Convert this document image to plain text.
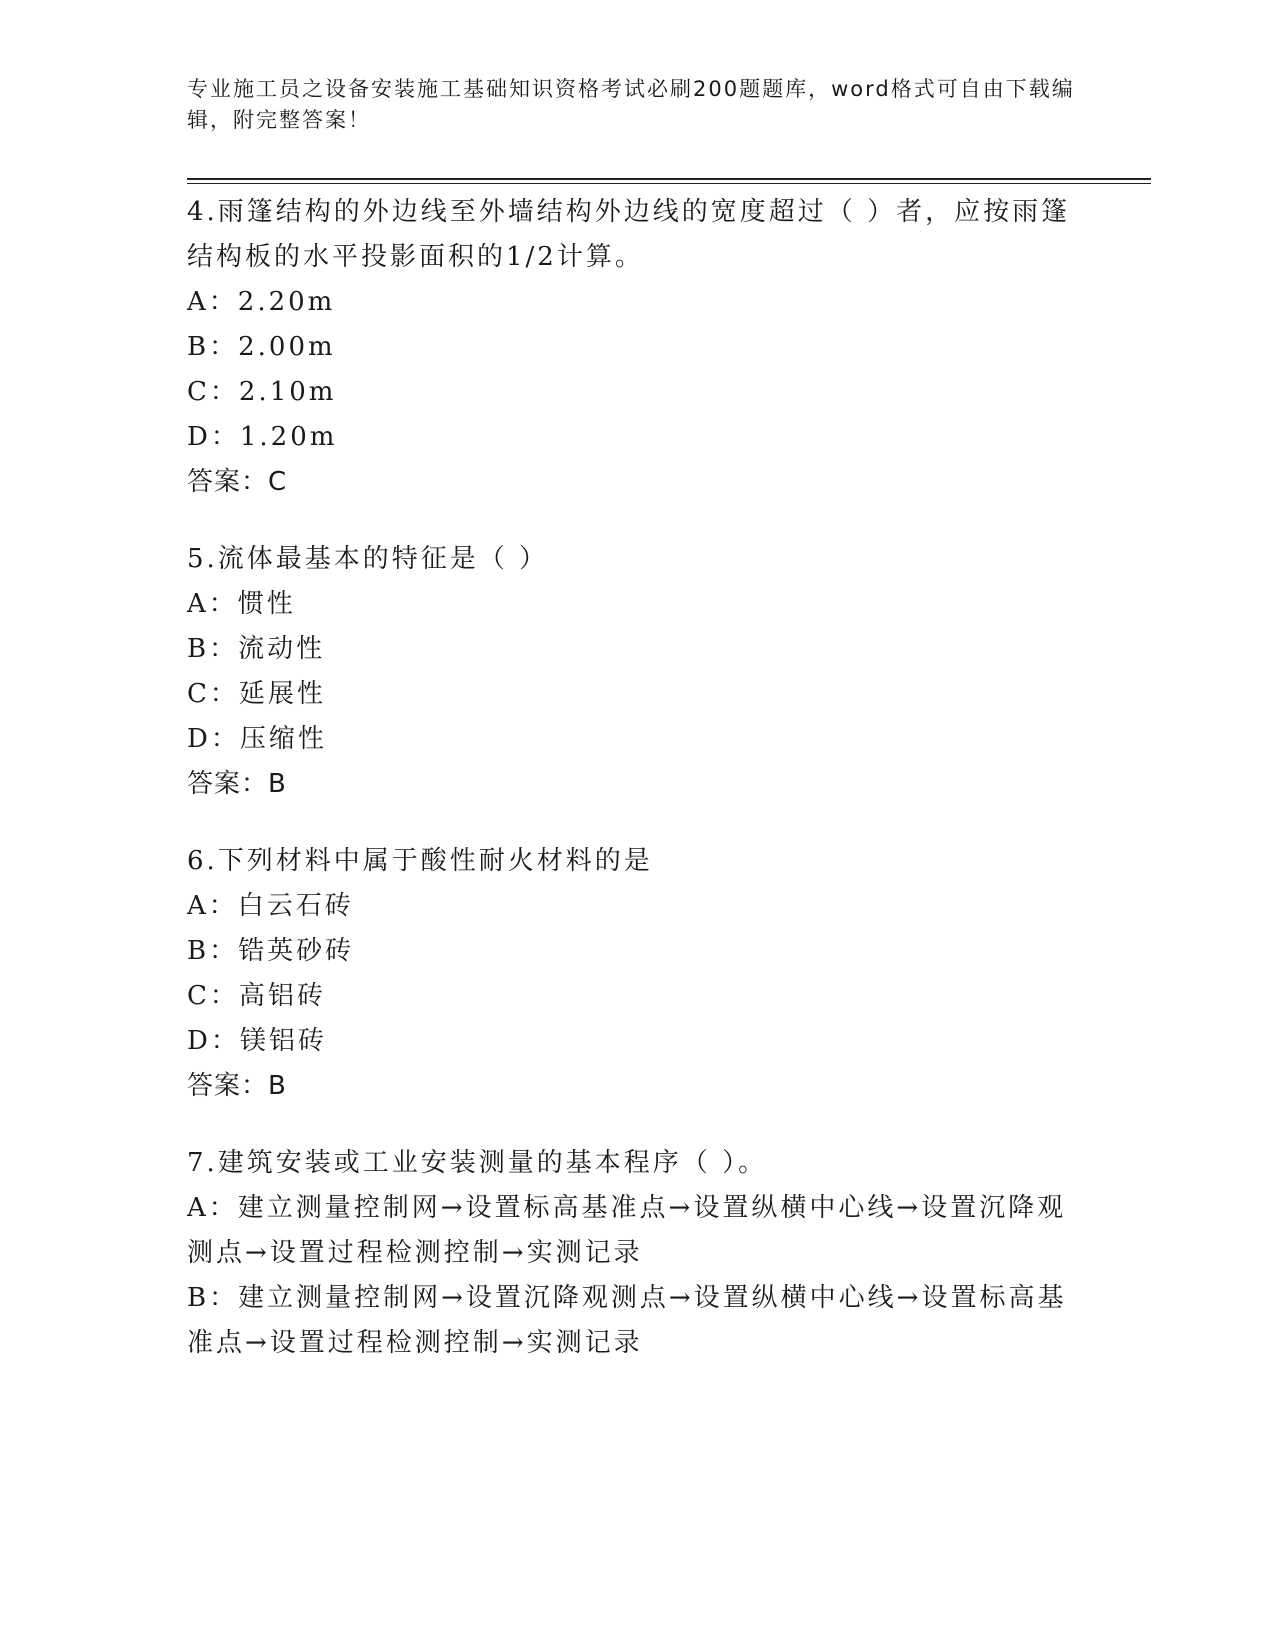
专业施工员之设备安装施工基础知识资格考试必刷200题题库，word格式可自由下载编辑，附完整答案！
4.雨篷结构的外边线至外墙结构外边线的宽度超过（ ）者，应按雨篷结构板的水平投影面积的1/2计算。
A：2.20m
B：2.00m
C：2.10m
D：1.20m
答案：C
5.流体最基本的特征是（ ）
A：惯性
B：流动性
C：延展性
D：压缩性
答案：B
6.下列材料中属于酸性耐火材料的是
A：白云石砖
B：锆英砂砖
C：高铝砖
D：镁铝砖
答案：B
7.建筑安装或工业安装测量的基本程序（ ）。
A：建立测量控制网→设置标高基准点→设置纵横中心线→设置沉降观测点→设置过程检测控制→实测记录
B：建立测量控制网→设置沉降观测点→设置纵横中心线→设置标高基准点→设置过程检测控制→实测记录
